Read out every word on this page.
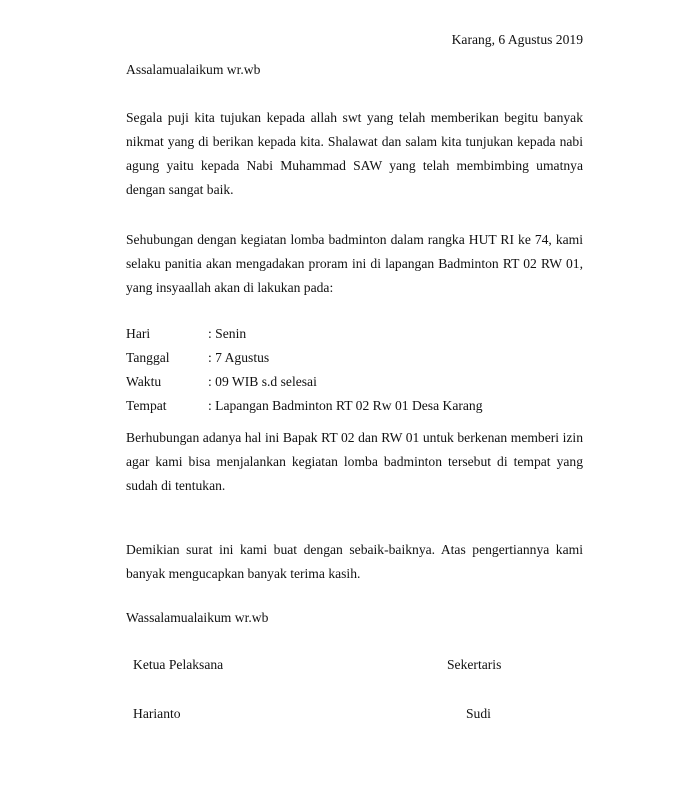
Karang, 6 Agustus 2019
Assalamualaikum wr.wb
Segala puji kita tujukan kepada allah swt yang telah memberikan begitu banyak nikmat yang di berikan kepada kita. Shalawat dan salam kita tunjukan kepada nabi agung yaitu kepada Nabi Muhammad SAW yang telah membimbing umatnya dengan sangat baik.
Sehubungan dengan kegiatan lomba badminton dalam rangka HUT RI ke 74, kami selaku panitia akan mengadakan proram ini di lapangan Badminton RT 02 RW 01, yang insyaallah akan di lakukan pada:
Hari	: Senin
Tanggal	: 7 Agustus
Waktu	: 09 WIB s.d selesai
Tempat	: Lapangan Badminton RT 02 Rw 01 Desa Karang
Berhubungan adanya hal ini Bapak RT 02 dan RW 01 untuk berkenan memberi izin agar kami bisa menjalankan kegiatan lomba badminton tersebut di tempat yang sudah di tentukan.
Demikian surat ini kami buat dengan sebaik-baiknya. Atas pengertiannya kami banyak mengucapkan banyak terima kasih.
Wassalamualaikum wr.wb
Ketua Pelaksana	Sekertaris
Harianto	Sudi
